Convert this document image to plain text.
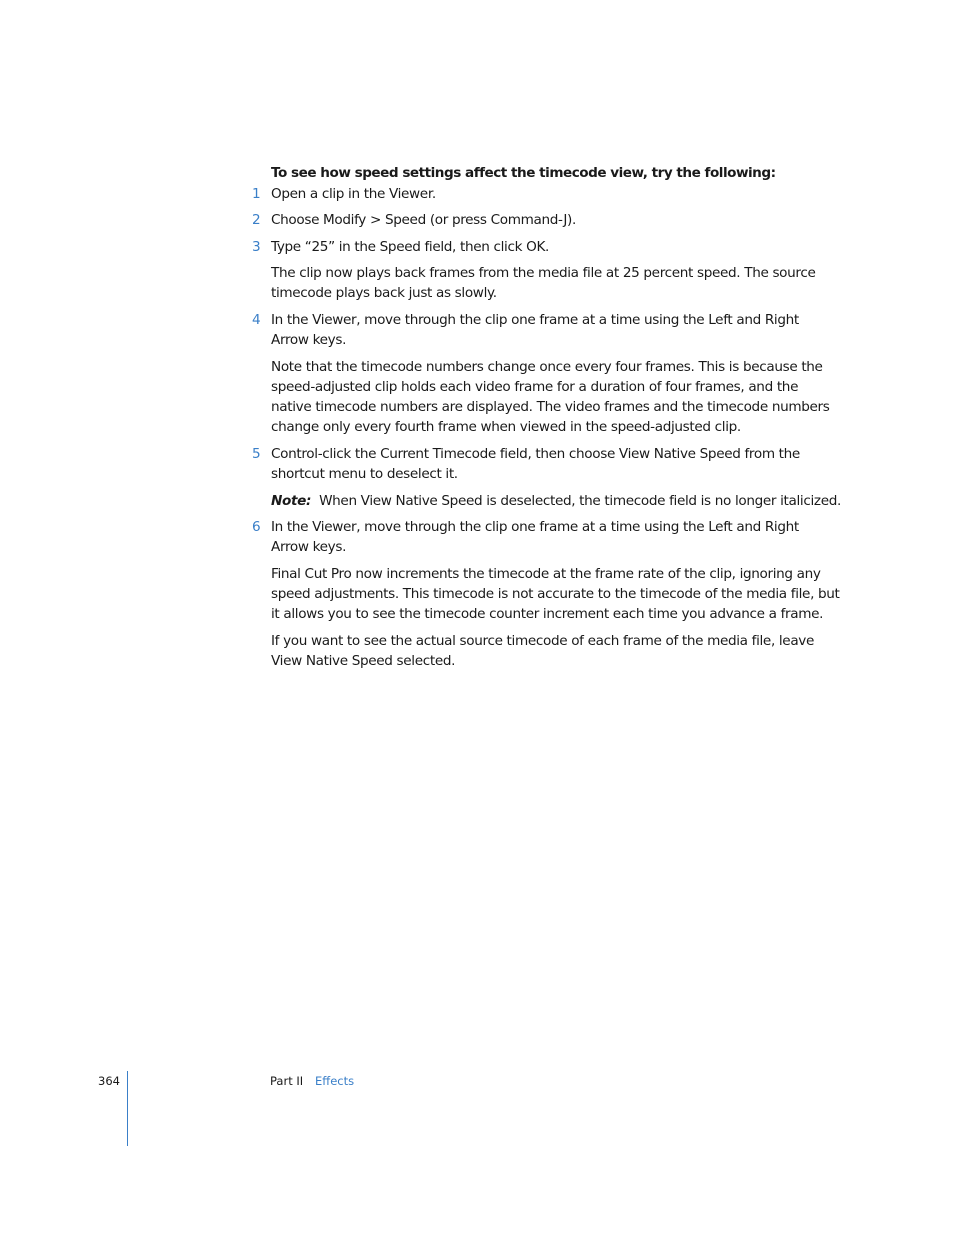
To see how speed settings affect the timecode view, try the following:
1 Open a clip in the Viewer.
2 Choose Modify > Speed (or press Command-J).
3 Type “25” in the Speed field, then click OK.
The clip now plays back frames from the media file at 25 percent speed. The source
timecode plays back just as slowly.
4 In the Viewer, move through the clip one frame at a time using the Left and Right
Arrow keys.
Note that the timecode numbers change once every four frames. This is because the
speed-adjusted clip holds each video frame for a duration of four frames, and the
native timecode numbers are displayed. The video frames and the timecode numbers
change only every fourth frame when viewed in the speed-adjusted clip.
5 Control-click the Current Timecode field, then choose View Native Speed from the
shortcut menu to deselect it.
Note: When View Native Speed is deselected, the timecode field is no longer italicized.
6 In the Viewer, move through the clip one frame at a time using the Left and Right
Arrow keys.
Final Cut Pro now increments the timecode at the frame rate of the clip, ignoring any
speed adjustments. This timecode is not accurate to the timecode of the media file, but
it allows you to see the timecode counter increment each time you advance a frame.
If you want to see the actual source timecode of each frame of the media file, leave
View Native Speed selected.
364	Part II Effects
